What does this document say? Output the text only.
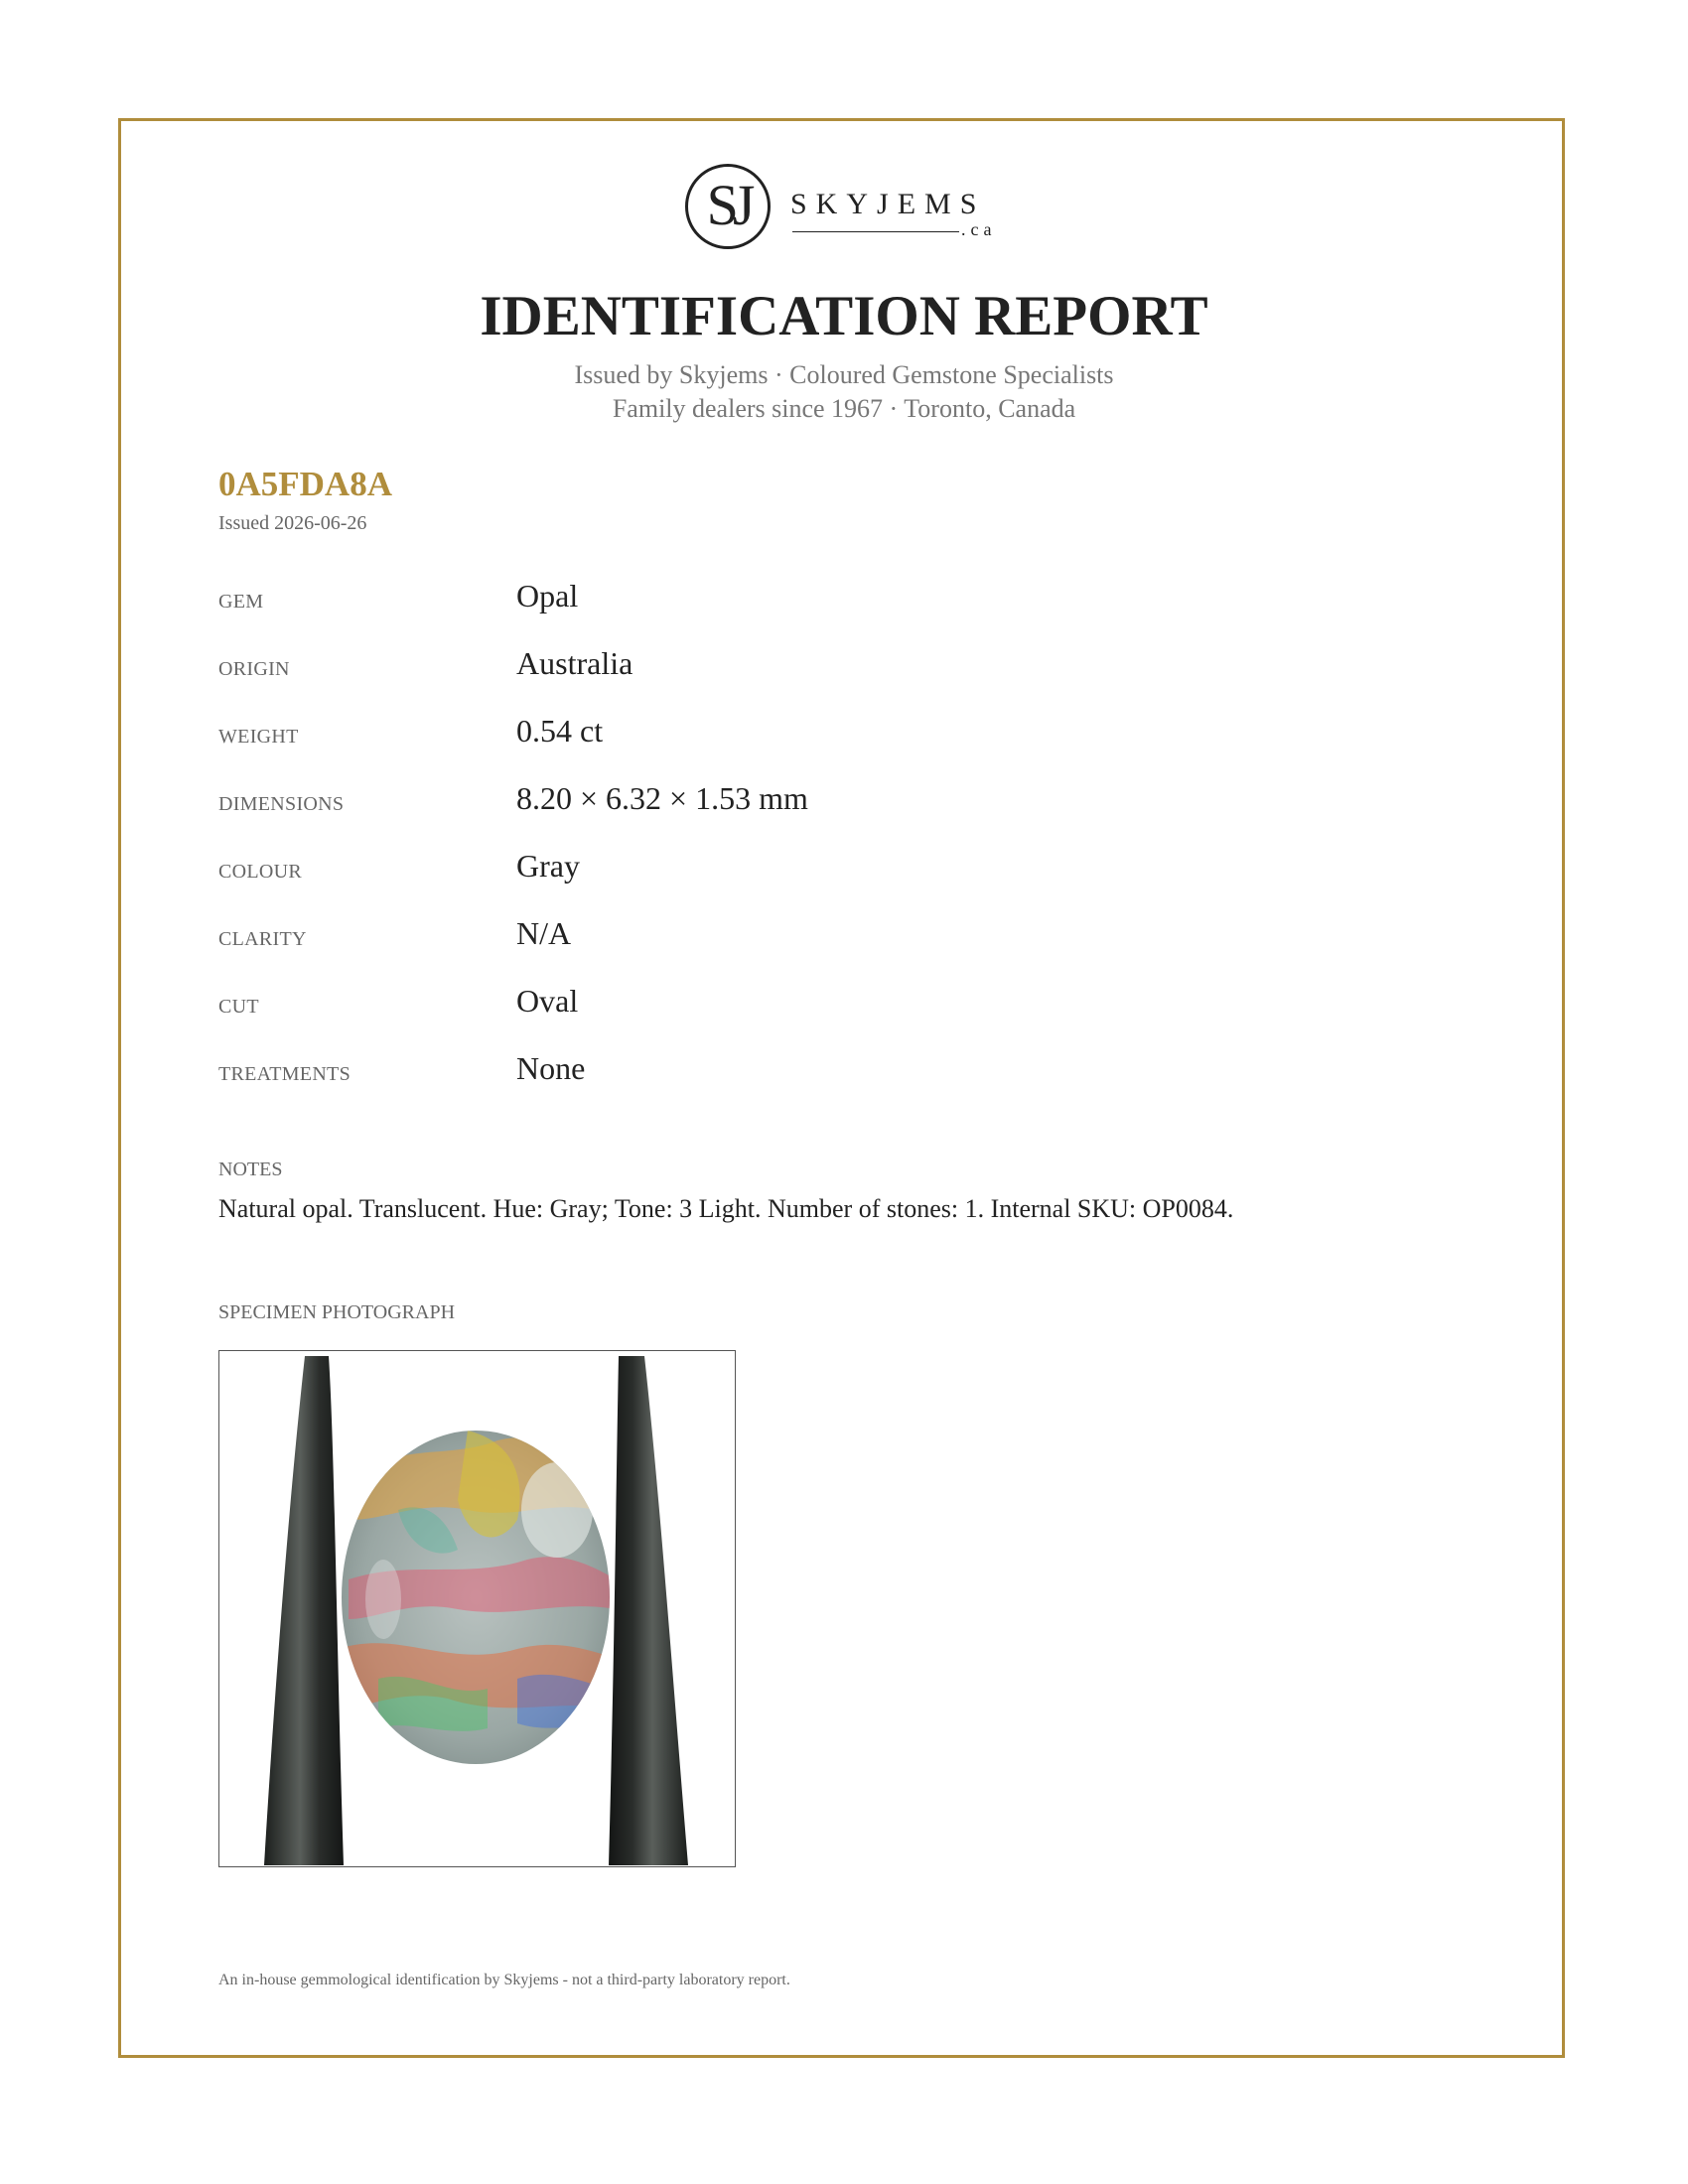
SJ	SKYJEMS
.ca
IDENTIFICATION REPORT
Issued by Skyjems · Coloured Gemstone Specialists
Family dealers since 1967 · Toronto, Canada
0A5FDA8A
Issued 2026-06-26
GEM	Opal
ORIGIN	Australia
WEIGHT	0.54 ct
DIMENSIONS	8.20 × 6.32 × 1.53 mm
COLOUR	Gray
CLARITY	N/A
CUT	Oval
TREATMENTS	None
NOTES
Natural opal. Translucent. Hue: Gray; Tone: 3 Light. Number of stones: 1. Internal SKU: OP0084.
SPECIMEN PHOTOGRAPH
An in-house gemmological identification by Skyjems - not a third-party laboratory report.
